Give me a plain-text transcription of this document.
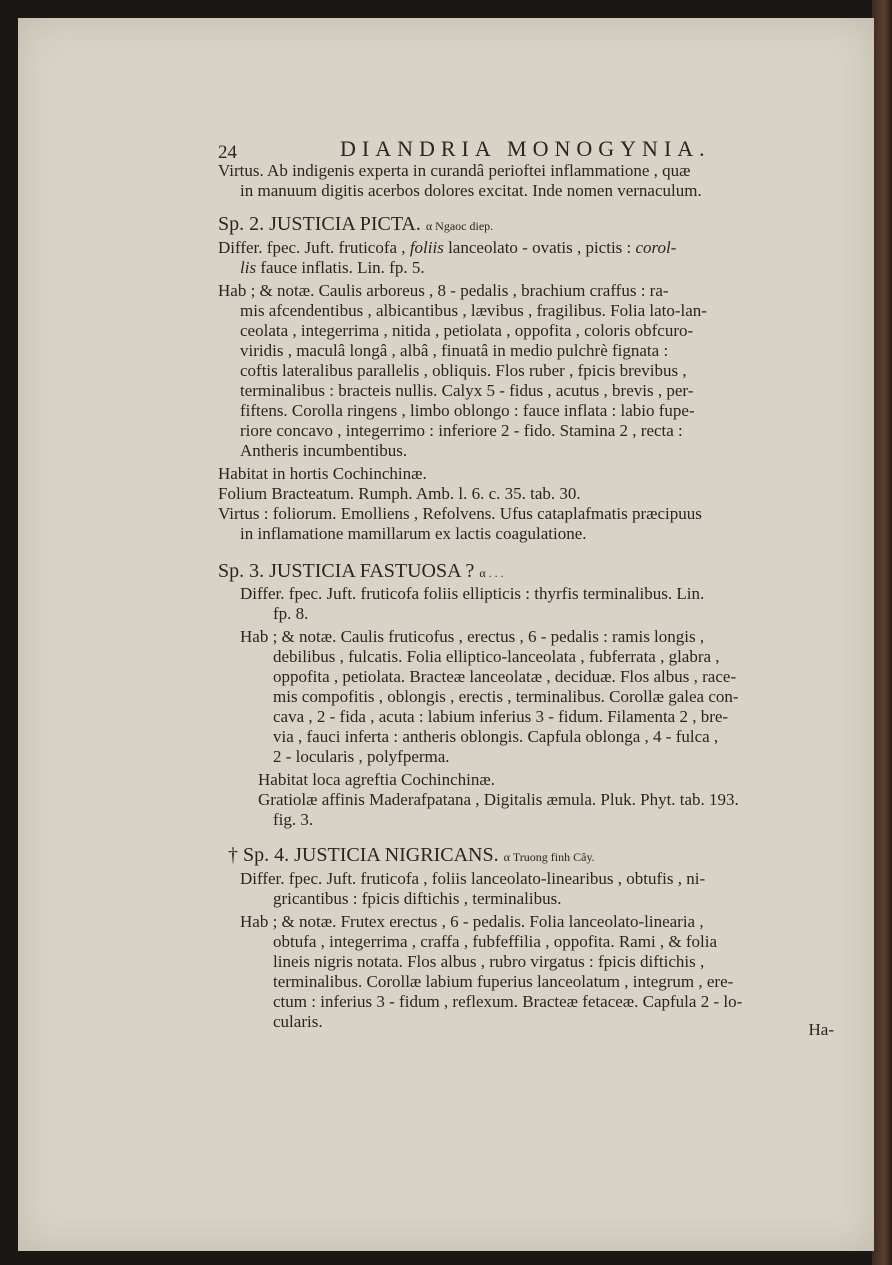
24	DIANDRIA MONOGYNIA.
Virtus. Ab indigenis experta in curandâ perioftei inflammatione , quæ
in manuum digitis acerbos dolores excitat. Inde nomen vernaculum.
Sp. 2. JUSTICIA PICTA. α Ngaoc diep.
Differ. fpec. Juft. fruticofa , foliis lanceolato - ovatis , pictis : corol-
lis fauce inflatis. Lin. fp. 5.
Hab ; & notæ. Caulis arboreus , 8 - pedalis , brachium craffus : ra-
mis afcendentibus , albicantibus , lævibus , fragilibus. Folia lato-lan-
ceolata , integerrima , nitida , petiolata , oppofita , coloris obfcuro-
viridis , maculâ longâ , albâ , finuatâ in medio pulchrè fignata :
coftis lateralibus parallelis , obliquis. Flos ruber , fpicis brevibus ,
terminalibus : bracteis nullis. Calyx 5 - fidus , acutus , brevis , per-
fiftens. Corolla ringens , limbo oblongo : fauce inflata : labio fupe-
riore concavo , integerrimo : inferiore 2 - fido. Stamina 2 , recta :
Antheris incumbentibus.
Habitat in hortis Cochinchinæ.
Folium Bracteatum. Rumph. Amb. l. 6. c. 35. tab. 30.
Virtus : foliorum. Emolliens , Refolvens. Ufus cataplafmatis præcipuus
in inflamatione mamillarum ex lactis coagulatione.
Sp. 3. JUSTICIA FASTUOSA ? α . . .
Differ. fpec. Juft. fruticofa foliis ellipticis : thyrfis terminalibus. Lin.
fp. 8.
Hab ; & notæ. Caulis fruticofus , erectus , 6 - pedalis : ramis longis ,
debilibus , fulcatis. Folia elliptico-lanceolata , fubferrata , glabra ,
oppofita , petiolata. Bracteæ lanceolatæ , deciduæ. Flos albus , race-
mis compofitis , oblongis , erectis , terminalibus. Corollæ galea con-
cava , 2 - fida , acuta : labium inferius 3 - fidum. Filamenta 2 , bre-
via , fauci inferta : antheris oblongis. Capfula oblonga , 4 - fulca ,
2 - locularis , polyfperma.
Habitat loca agreftia Cochinchinæ.
Gratiolæ affinis Maderafpatana , Digitalis æmula. Pluk. Phyt. tab. 193.
fig. 3.
† Sp. 4. JUSTICIA NIGRICANS. α Truong finh Cây.
Differ. fpec. Juft. fruticofa , foliis lanceolato-linearibus , obtufis , ni-
gricantibus : fpicis diftichis , terminalibus.
Hab ; & notæ. Frutex erectus , 6 - pedalis. Folia lanceolato-linearia ,
obtufa , integerrima , craffa , fubfeffilia , oppofita. Rami , & folia
lineis nigris notata. Flos albus , rubro virgatus : fpicis diftichis ,
terminalibus. Corollæ labium fuperius lanceolatum , integrum , ere-
ctum : inferius 3 - fidum , reflexum. Bracteæ fetaceæ. Capfula 2 - lo-
cularis.	Ha-
